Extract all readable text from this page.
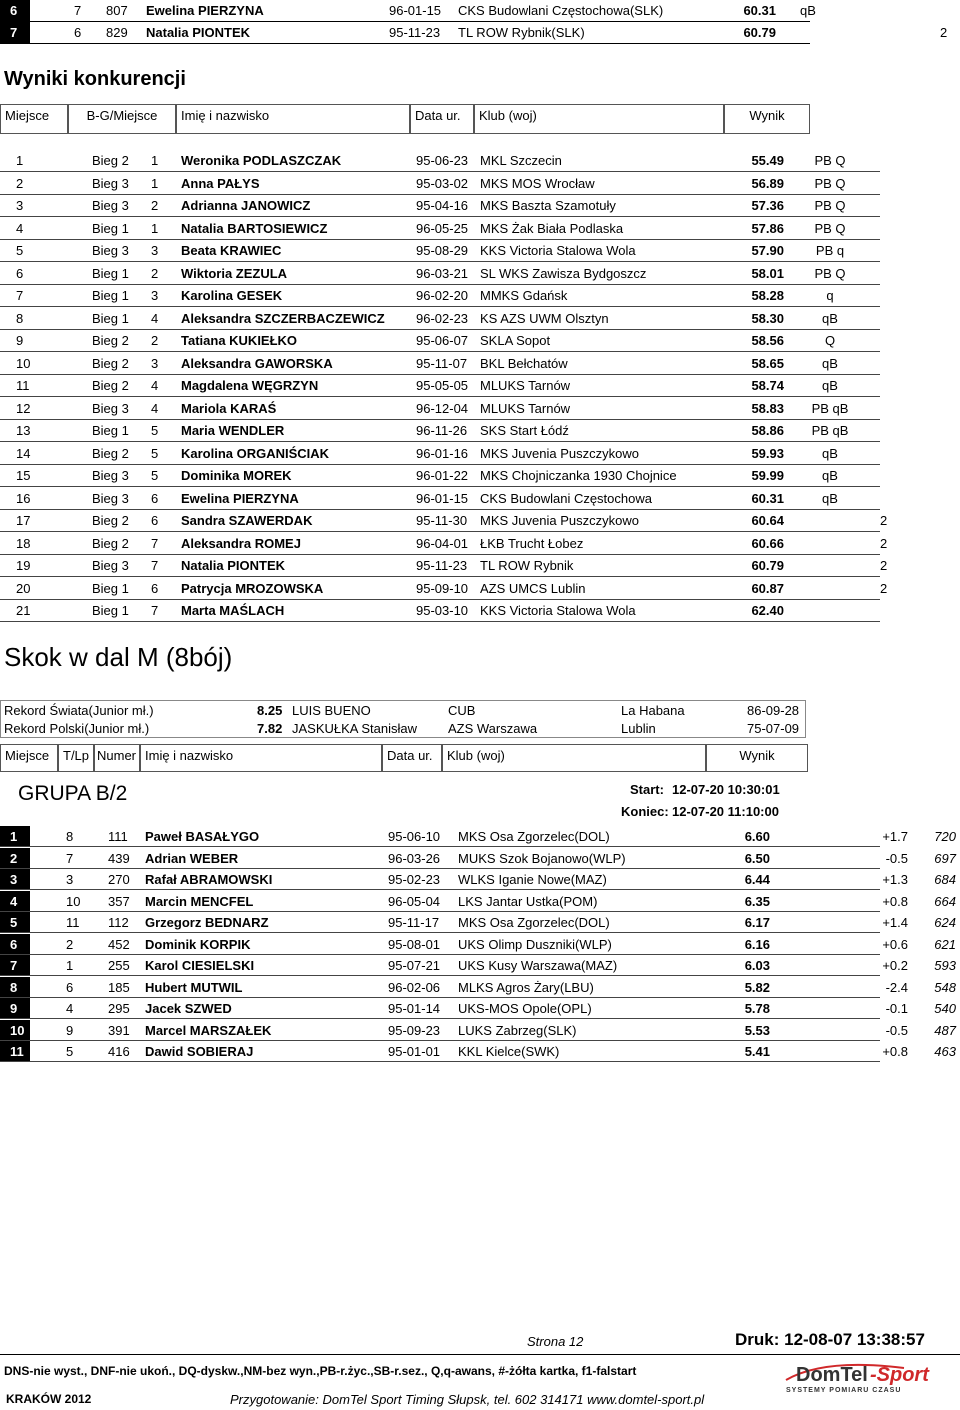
6	7 807 Ewelina PIERZYNA	96-01-15 CKS Budowlani Częstochowa(SLK)	60.31 qB
7	6 829 Natalia PIONTEK	95-11-23 TL ROW Rybnik(SLK)	60.79	2
Wyniki konkurencji
Miejsce	B-G/Miejsce	Imię i nazwisko	Data ur.	Klub (woj)	Wynik
1	Bieg 2 1 Weronika PODLASZCZAK	95-06-23 MKL Szczecin	55.49	PB Q
2	Bieg 3 1 Anna PAŁYS	95-03-02 MKS MOS Wrocław	56.89	PB Q
3	Bieg 3 2 Adrianna JANOWICZ	95-04-16 MKS Baszta Szamotuły	57.36	PB Q
4	Bieg 1 1 Natalia BARTOSIEWICZ	96-05-25 MKS Żak Biała Podlaska	57.86	PB Q
5	Bieg 3 3 Beata KRAWIEC	95-08-29 KKS Victoria Stalowa Wola	57.90	PB q
6	Bieg 1 2 Wiktoria ZEZULA	96-03-21 SL WKS Zawisza Bydgoszcz	58.01	PB Q
7	Bieg 1 3 Karolina GESEK	96-02-20 MMKS Gdańsk	58.28	q
8	Bieg 1 4 Aleksandra SZCZERBACZEWICZ 96-02-23 KS AZS UWM Olsztyn	58.30	qB
9	Bieg 2 2 Tatiana KUKIEŁKO	95-06-07 SKLA Sopot	58.56	Q
10	Bieg 2 3 Aleksandra GAWORSKA	95-11-07 BKL Bełchatów	58.65	qB
11	Bieg 2 4 Magdalena WĘGRZYN	95-05-05 MLUKS Tarnów	58.74	qB
12	Bieg 3 4 Mariola KARAŚ	96-12-04 MLUKS Tarnów	58.83	PB qB
13	Bieg 1 5 Maria WENDLER	96-11-26 SKS Start Łódź	58.86	PB qB
14	Bieg 2 5 Karolina ORGANIŚCIAK	96-01-16 MKS Juvenia Puszczykowo	59.93	qB
15	Bieg 3 5 Dominika MOREK	96-01-22 MKS Chojniczanka 1930 Chojnice	59.99	qB
16	Bieg 3 6 Ewelina PIERZYNA	96-01-15 CKS Budowlani Częstochowa	60.31	qB
17	Bieg 2 6 Sandra SZAWERDAK	95-11-30 MKS Juvenia Puszczykowo	60.64	2
18	Bieg 2 7 Aleksandra ROMEJ	96-04-01 ŁKB Trucht Łobez	60.66	2
19	Bieg 3 7 Natalia PIONTEK	95-11-23 TL ROW Rybnik	60.79	2
20	Bieg 1 6 Patrycja MROZOWSKA	95-09-10 AZS UMCS Lublin	60.87	2
21	Bieg 1 7 Marta MAŚLACH	95-03-10 KKS Victoria Stalowa Wola	62.40
Skok w dal M (8bój)
Rekord Świata(Junior mł.)	8.25 LUIS BUENO	CUB	La Habana	86-09-28
Rekord Polski(Junior mł.)	7.82 JASKUŁKA Stanisław AZS Warszawa	Lublin	75-07-09
Miejsce	T/Lp Numer Imię i nazwisko	Data ur.	Klub (woj)	Wynik
GRUPA B/2	Start: 12-07-20 10:30:01
Koniec: 12-07-20 11:10:00
1	8	111 Paweł BASAŁYGO	95-06-10 MKS Osa Zgorzelec(DOL)	6.60	+1.7	720
2	7	439 Adrian WEBER	96-03-26 MUKS Szok Bojanowo(WLP)	6.50	-0.5	697
3	3	270 Rafał ABRAMOWSKI	95-02-23 WLKS Iganie Nowe(MAZ)	6.44	+1.3	684
4	10 357 Marcin MENCFEL	96-05-04 LKS Jantar Ustka(POM)	6.35	+0.8	664
5	11 112 Grzegorz BEDNARZ	95-11-17 MKS Osa Zgorzelec(DOL)	6.17	+1.4	624
6	2	452 Dominik KORPIK	95-08-01 UKS Olimp Duszniki(WLP)	6.16	+0.6	621
7	1	255 Karol CIESIELSKI	95-07-21 UKS Kusy Warszawa(MAZ)	6.03	+0.2	593
8	6	185 Hubert MUTWIL	96-02-06 MLKS Agros Żary(LBU)	5.82	-2.4	548
9	4	295 Jacek SZWED	95-01-14 UKS-MOS Opole(OPL)	5.78	-0.1	540
10	9	391 Marcel MARSZAŁEK	95-09-23 LUKS Zabrzeg(SLK)	5.53	-0.5	487
11	5	416 Dawid SOBIERAJ	95-01-01 KKL Kielce(SWK)	5.41	+0.8	463
Strona 12	Druk: 12-08-07 13:38:57
DNS-nie wyst., DNF-nie ukoń., DQ-dyskw.,NM-bez wyn.,PB-r.życ.,SB-r.sez., Q,q-awans, #-żółta kartka, f1-falstart
KRAKÓW 2012	Przygotowanie: DomTel Sport Timing Słupsk, tel. 602 314171 www.domtel-sport.pl
DomTel -Sport
SYSTEMY POMIARU CZASU
